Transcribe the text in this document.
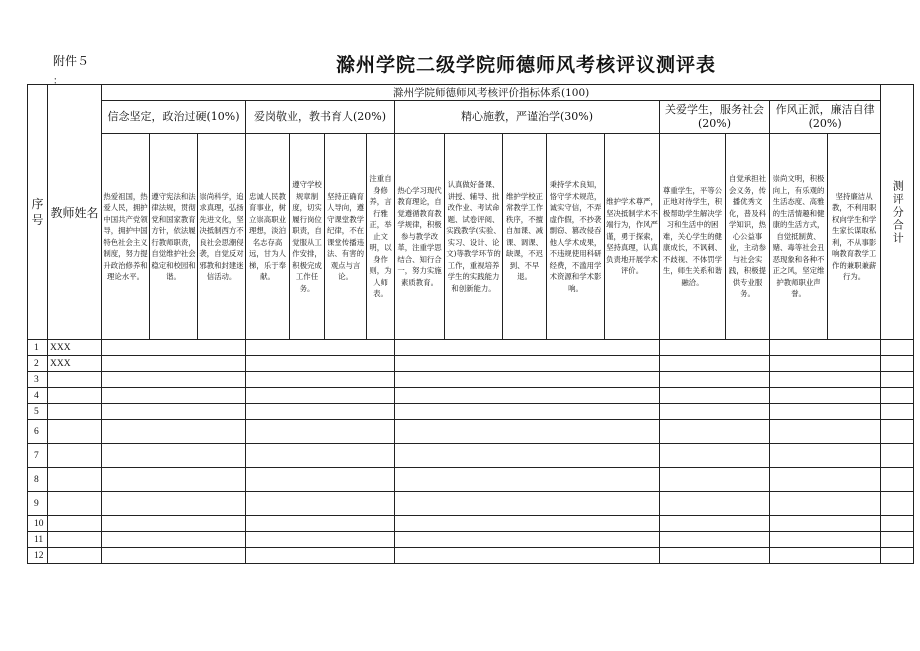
附件５
：
滁州学院二级学院师德师风考核评议测评表
序号	教师姓名	滁州学院师德师风考核评价指标体系(100)																测评分合计

		信念坚定，政治过硬(10%)			爱岗敬业，教书育人(20%)				精心施教，严谨治学(30%)					关爱学生，服务社会(20%)		作风正派，廉洁自律(20%)		
		热爱祖国，热爱人民，拥护中国共产党领导，拥护中国特色社会主义制度，努力提升政治修养和理论水平。	遵守宪法和法律法规，贯彻党和国家教育方针，依法履行教师职责，自觉维护社会稳定和校园和谐。	崇尚科学，追求真理，弘扬先进文化，坚决抵制西方不良社会思潮侵袭，自觉反对邪教和封建迷信活动。	忠诚人民教育事业，树立崇高职业理想，淡泊名志存高远，甘为人梯，乐于奉献。	遵守学校规章制度，切实履行岗位职责，自觉服从工作安排，积极完成工作任务。	坚持正确育人导向，遵守课堂教学纪律，不在课堂传播违法、有害的观点与言论。	注重自身修养，言行雅正，举止文明，以身作则，为人师表。	热心学习现代教育理论，自觉遵循教育教学规律，积极参与教学改革，注重学思结合、知行合一，努力实施素质教育。	认真做好备课、讲授、辅导、批改作业、考试命题、试卷评阅、实践教学(实验、实习、设计、论文)等教学环节的工作，重视培养学生的实践能力和创新能力。	维护学校正常教学工作秩序，不擅自加课、减课、调课、缺课，不迟到、不早退。	秉持学术良知，恪守学术规范，诚实守信，不弄虚作假，不抄袭剽窃、篡改侵吞他人学术成果，不违规使用科研经费，不滥用学术资源和学术影响。	维护学术尊严，坚决抵制学术不端行为，作风严谨，勇于探索，坚持真理，认真负责地开展学术评价。	尊重学生，平等公正地对待学生，积极帮助学生解决学习和生活中的困难，关心学生的健康成长，不讽刺、不歧视、不体罚学生，师生关系和谐融洽。	自觉承担社会义务，传播优秀文化，普及科学知识，热心公益事业，主动参与社会实践，积极提供专业服务。	崇尚文明，积极向上，有乐观的生活态度、高雅的生活情趣和健康的生活方式，自觉抵制黄、赌、毒等社会丑恶现象和各种不正之风，坚定维护教师职业声誉。	坚持廉洁从教，不利用职权向学生和学生家长谋取私利，不从事影响教育教学工作的兼职兼薪行为。	
1	XXX																	
2	XXX																	
3																		
4																		
5																		
6																		
7																		
8																		
9																		
10																		
11																		
12																		
